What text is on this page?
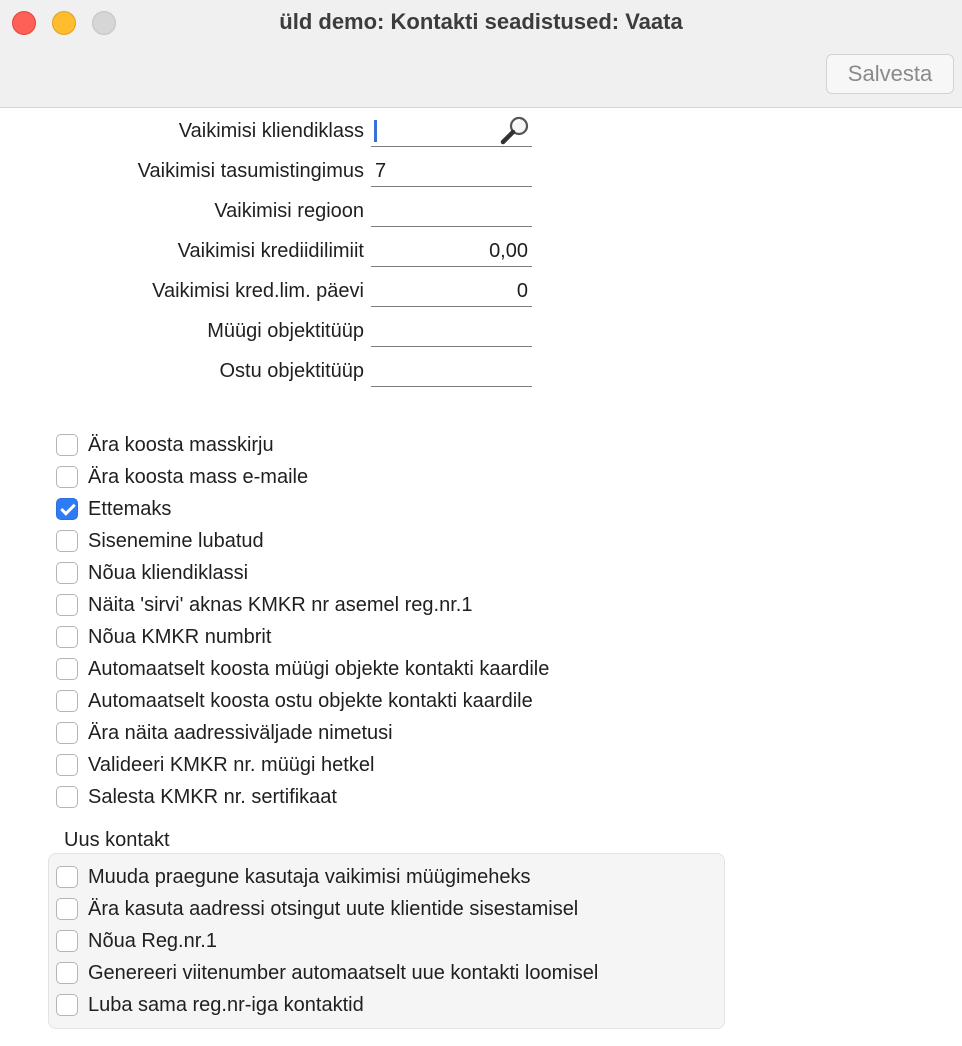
üld demo: Kontakti seadistused: Vaata
Salvesta
Vaikimisi kliendiklass
Vaikimisi tasumistingimus 7
Vaikimisi regioon
Vaikimisi krediidilimiit	0,00
Vaikimisi kred.lim. päevi	0
Müügi objektitüüp
Ostu objektitüüp
Ära koosta masskirju
Ära koosta mass e-maile
Ettemaks
Sisenemine lubatud
Nõua kliendiklassi
Näita 'sirvi' aknas KMKR nr asemel reg.nr.1
Nõua KMKR numbrit
Automaatselt koosta müügi objekte kontakti kaardile
Automaatselt koosta ostu objekte kontakti kaardile
Ära näita aadressiväljade nimetusi
Valideeri KMKR nr. müügi hetkel
Salesta KMKR nr. sertifikaat
Uus kontakt
Muuda praegune kasutaja vaikimisi müügimeheks
Ära kasuta aadressi otsingut uute klientide sisestamisel
Nõua Reg.nr.1
Genereeri viitenumber automaatselt uue kontakti loomisel
Luba sama reg.nr-iga kontaktid
